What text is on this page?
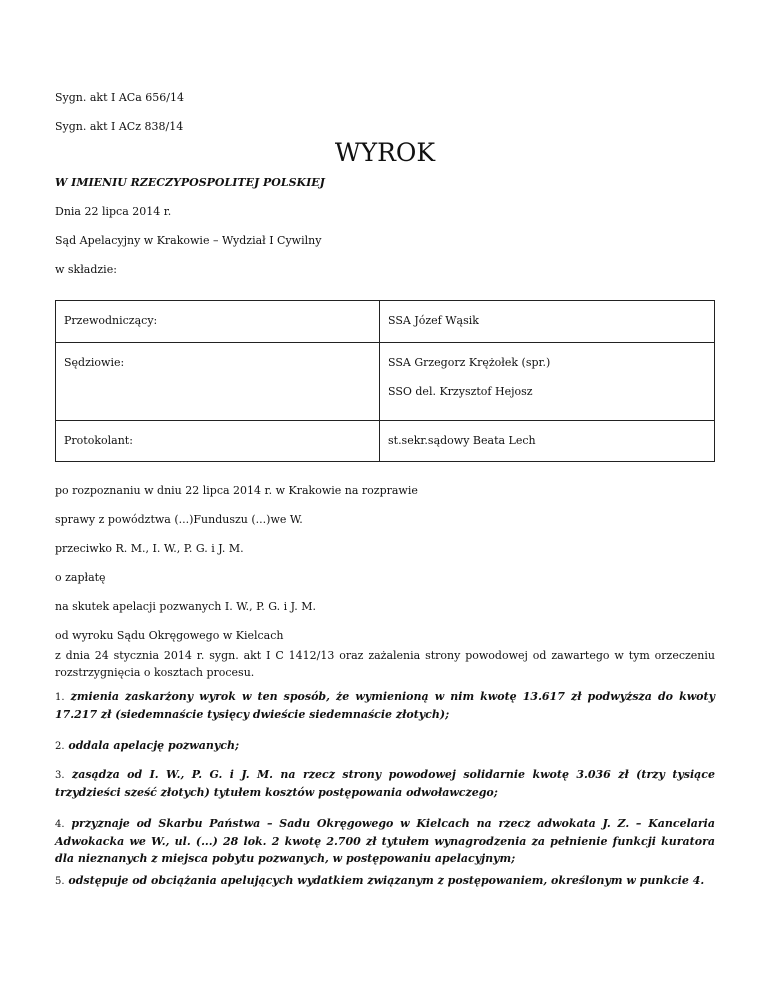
Sygn. akt I ACa 656/14
Sygn. akt I ACz 838/14
WYROK
W IMIENIU RZECZYPOSPOLITEJ POLSKIEJ
Dnia 22 lipca 2014 r.
Sąd Apelacyjny w Krakowie – Wydział I Cywilny
w składzie:
Przewodniczący:	SSA Józef Wąsik
Sędziowie:	SSA Grzegorz Krężołek (spr.)
SSO del. Krzysztof Hejosz

Protokolant:	st.sekr.sądowy Beata Lech
po rozpoznaniu w dniu 22 lipca 2014 r. w Krakowie na rozprawie
sprawy z powództwa (...)Funduszu (...)we W.
przeciwko R. M., I. W., P. G. i J. M.
o zapłatę
na skutek apelacji pozwanych I. W., P. G. i J. M.
od wyroku Sądu Okręgowego w Kielcach
z dnia 24 stycznia 2014 r. sygn. akt I C 1412/13 oraz zażalenia strony powodowej od zawartego w tym orzeczeniu rozstrzygnięcia o kosztach procesu.
1. zmienia zaskarżony wyrok w ten sposób, że wymienioną w nim kwotę 13.617 zł podwyższa do kwoty 17.217 zł (siedemnaście tysięcy dwieście siedemnaście złotych);
2. oddala apelację pozwanych;
3. zasądza od I. W., P. G. i J. M. na rzecz strony powodowej solidarnie kwotę 3.036 zł (trzy tysiące trzydzieści sześć złotych) tytułem kosztów postępowania odwoławczego;
4. przyznaje od Skarbu Państwa – Sadu Okręgowego w Kielcach na rzecz adwokata J. Z. – Kancelaria Adwokacka we W., ul. (...) 28 lok. 2 kwotę 2.700 zł tytułem wynagrodzenia za pełnienie funkcji kuratora dla nieznanych z miejsca pobytu pozwanych, w postępowaniu apelacyjnym;
5. odstępuje od obciążania apelujących wydatkiem związanym z postępowaniem, określonym w punkcie 4.
